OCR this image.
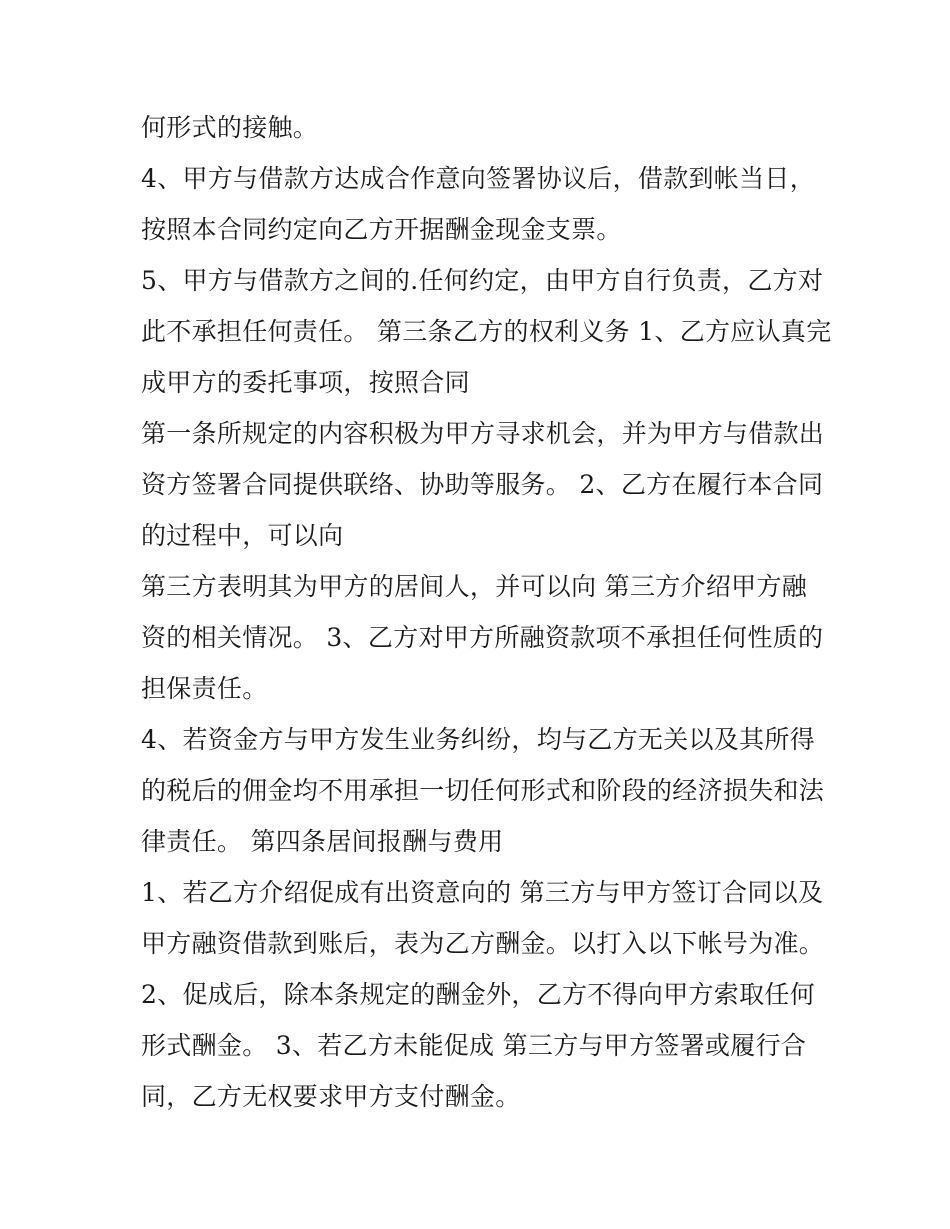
何形式的接触。
4、甲方与借款方达成合作意向签署协议后，借款到帐当日，
按照本合同约定向乙方开据酬金现金支票。
5、甲方与借款方之间的.任何约定，由甲方自行负责，乙方对
此不承担任何责任。 第三条乙方的权利义务 1、乙方应认真完
成甲方的委托事项，按照合同
第一条所规定的内容积极为甲方寻求机会，并为甲方与借款出
资方签署合同提供联络、协助等服务。 2、乙方在履行本合同
的过程中，可以向
第三方表明其为甲方的居间人，并可以向 第三方介绍甲方融
资的相关情况。 3、乙方对甲方所融资款项不承担任何性质的
担保责任。
4、若资金方与甲方发生业务纠纷，均与乙方无关以及其所得
的税后的佣金均不用承担一切任何形式和阶段的经济损失和法
律责任。 第四条居间报酬与费用
1、若乙方介绍促成有出资意向的 第三方与甲方签订合同以及
甲方融资借款到账后，表为乙方酬金。以打入以下帐号为准。
2、促成后，除本条规定的酬金外，乙方不得向甲方索取任何
形式酬金。 3、若乙方未能促成 第三方与甲方签署或履行合
同，乙方无权要求甲方支付酬金。
